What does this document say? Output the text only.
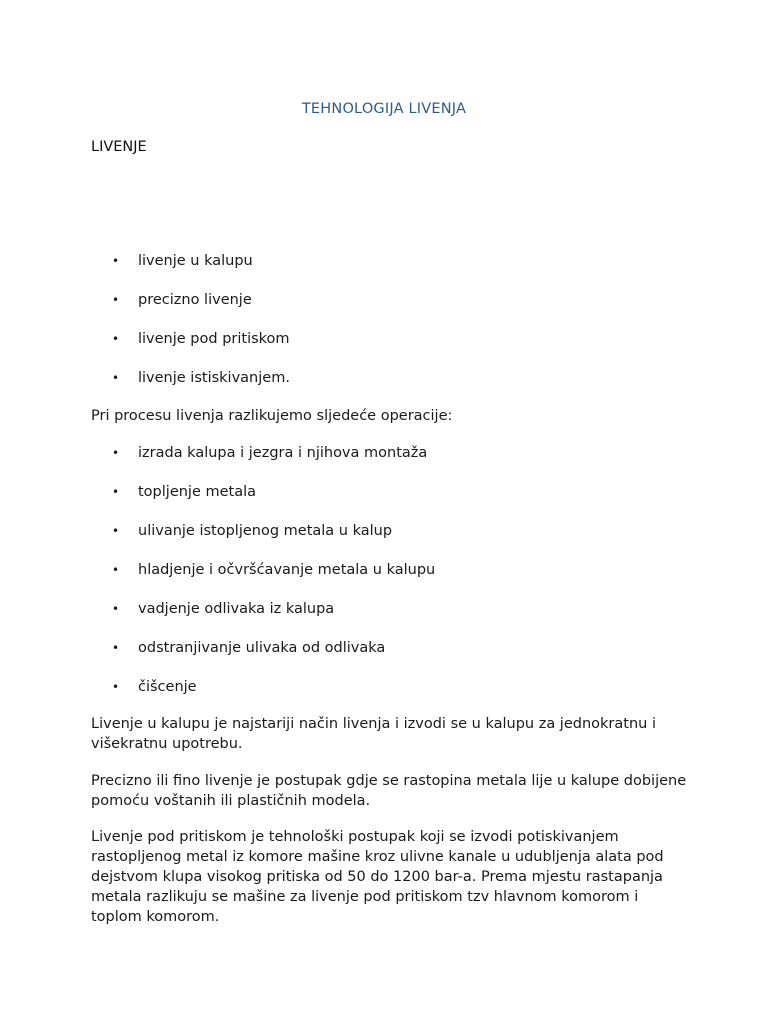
TEHNOLOGIJA LIVENJA
LIVENJE
• livenje u kalupu
• precizno livenje
• livenje pod pritiskom
• livenje istiskivanjem.

Pri procesu livenja razlikujemo sljedeće operacije:

• izrada kalupa i jezgra i njihova montaža
• topljenje metala
• ulivanje istopljenog metala u kalup
• hladjenje i očvršćavanje metala u kalupu
• vadjenje odlivaka iz kalupa
• odstranjivanje ulivaka od odlivaka
• čišcenje

Livenje u kalupu je najstariji način livenja i izvodi se u kalupu za jednokratnu i višekratnu upotrebu.

Precizno ili fino livenje je postupak gdje se rastopina metala lije u kalupe dobijene pomoću voštanih ili plastičnih modela.

Livenje pod pritiskom je tehnološki postupak koji se izvodi potiskivanjem rastopljenog metal iz komore mašine kroz ulivne kanale u udubljenja alata pod dejstvom klupa visokog pritiska od 50 do 1200 bar-a. Prema mjestu rastapanja metala razlikuju se mašine za livenje pod pritiskom tzv hlavnom komorom i toplom komorom.
